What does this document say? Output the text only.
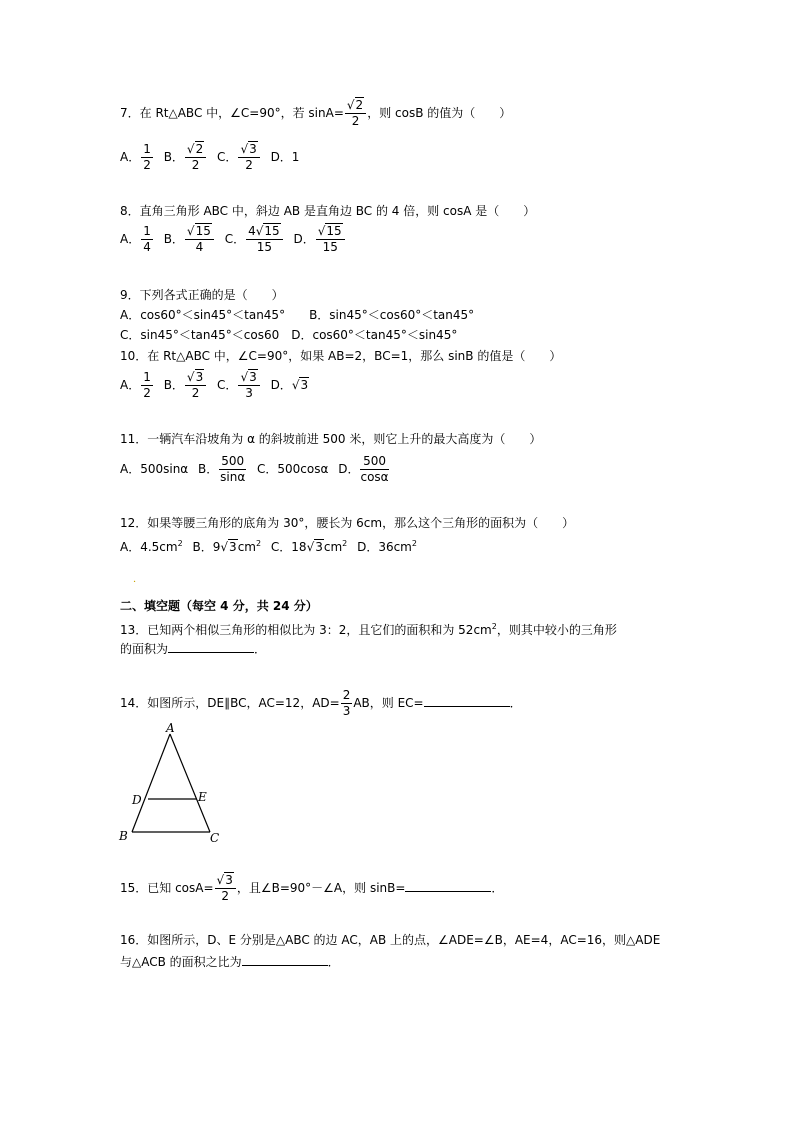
7．在 Rt△ABC 中，∠C=90°，若 $\sin A= \frac{√2}{2}$ ，则 cosB 的值为（　　）
A． $\frac{1}{2}$ B． $\frac{√2}{2}$ C． $\frac{√3}{2}$ D．1
8．直角三角形 ABC 中，斜边 AB 是直角边 BC 的 4 倍，则 cosA 是（　　）
A． $\frac{1}{4}$ B． $\frac{√15}{4}$ C． $\frac{4√15}{15}$ D． $\frac{√15}{15}$
9．下列各式正确的是（　　）
A．cos60°＜sin45°＜tan45°　　B．sin45°＜cos60°＜tan45°
C．sin45°＜tan45°＜cos60　D．cos60°＜tan45°＜sin45°
10．在 Rt△ABC 中，∠C=90°，如果 AB=2，BC=1，那么 sinB 的值是（　　）
A． $\frac{1}{2}$ B． $\frac{√3}{2}$ C． $\frac{√3}{3}$ D．√3
11．一辆汽车沿坡角为 α 的斜坡前进 500 米，则它上升的最大高度为（　　）
A．500sinα B． $\frac{500}{\sin\alpha}$ C．500cosα D． $\frac{500}{\cos\alpha}$
12．如果等腰三角形的底角为 30°，腰长为 6cm，那么这个三角形的面积为（　　）
A．$4.5cm^2$ B．$9√3cm^2$ C．$18√3cm^2$ D．$36cm^2$
．
二、填空题（每空 4 分，共 24 分）
13．已知两个相似三角形的相似比为 3：2，且它们的面积和为 $52cm^2$，则其中较小的三角形
的面积为	．
14．如图所示，DE∥BC，AC=12，$AD= \frac{2}{3}$ AB，则 EC=	．
A
D	E
B	C
15．已知 $\cos A= \frac{√3}{2}$ ，且∠B=90°－∠A，则 sinB=	．
16．如图所示，D、E 分别是△ABC 的边 AC，AB 上的点，∠ADE=∠B，AE=4，AC=16，则△ADE
与△ACB 的面积之比为	．
